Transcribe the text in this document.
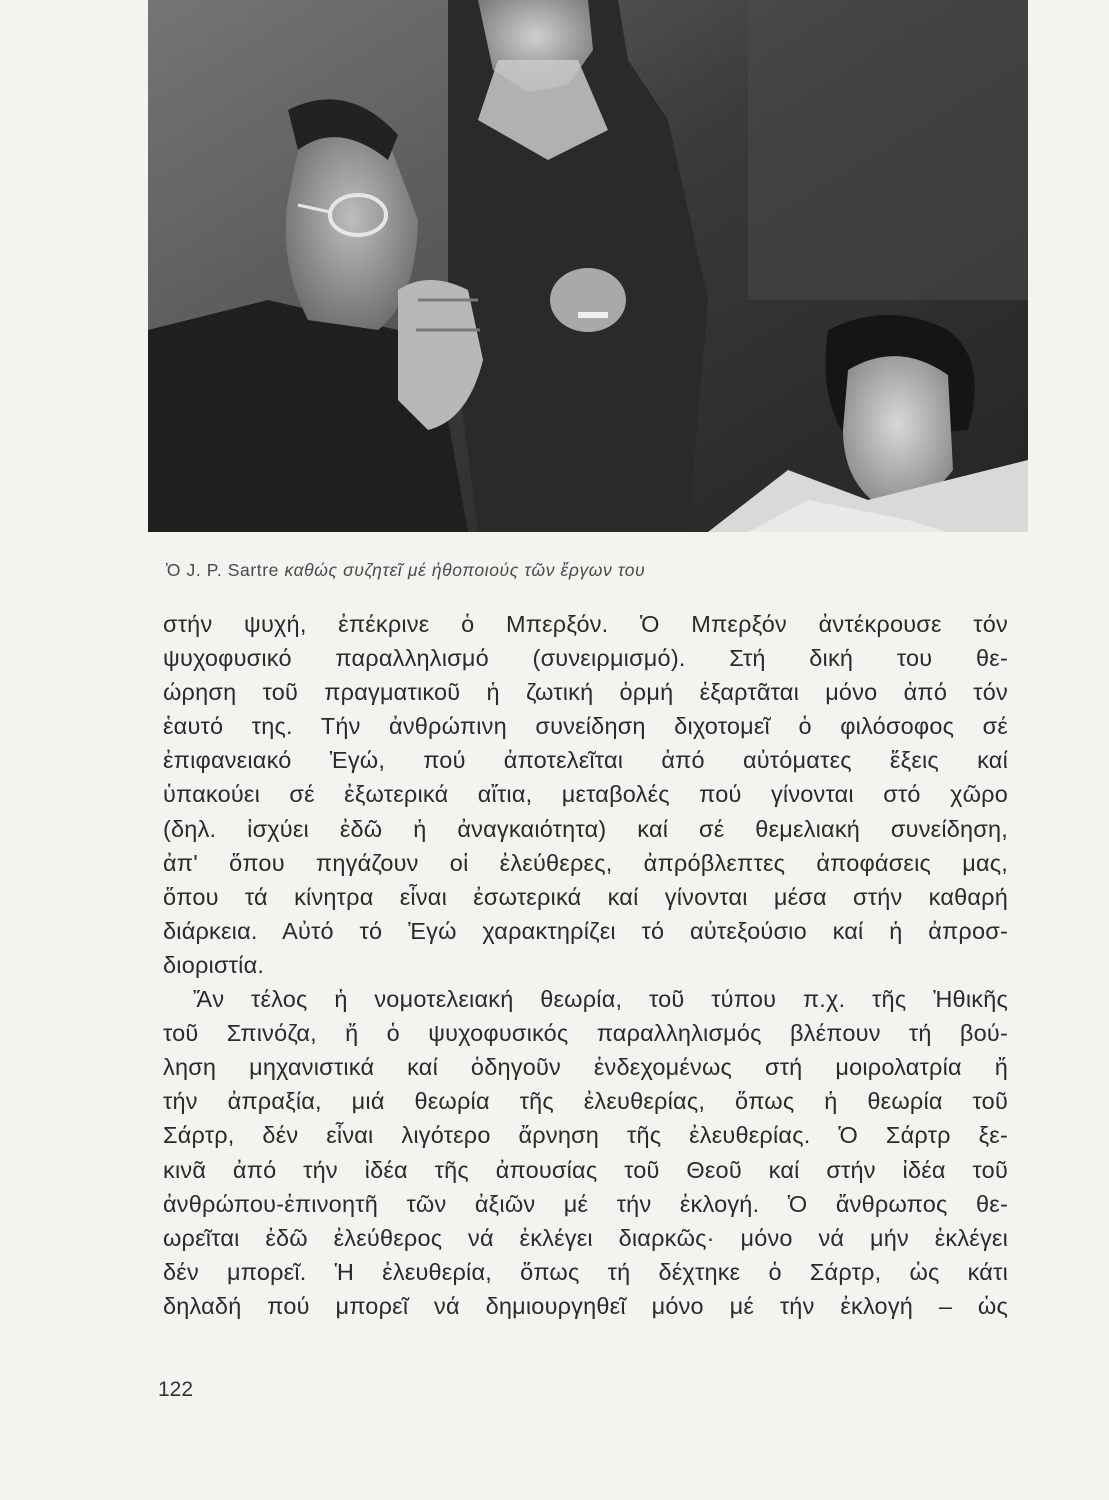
Ὁ J. P. Sartre καθώς συζητεῖ μέ ἠθοποιούς τῶν ἔργων του
στήν ψυχή, ἐπέκρινε ὁ Μπερξόν. Ὁ Μπερξόν ἀντέκρουσε τόν
ψυχοφυσικό παραλληλισμό (συνειρμισμό). Στή δική του θε-
ώρηση τοῦ πραγματικοῦ ἡ ζωτική ὁρμή ἐξαρτᾶται μόνο ἀπό τόν
ἑαυτό της. Τήν ἀνθρώπινη συνείδηση διχοτομεῖ ὁ φιλόσοφος σέ
ἐπιφανειακό Ἐγώ, πού ἀποτελεῖται ἀπό αὐτόματες ἕξεις καί
ὑπακούει σέ ἐξωτερικά αἴτια, μεταβολές πού γίνονται στό χῶρο
(δηλ. ἰσχύει ἐδῶ ἡ ἀναγκαιότητα) καί σέ θεμελιακή συνείδηση,
ἀπ' ὅπου πηγάζουν οἱ ἐλεύθερες, ἀπρόβλεπτες ἀποφάσεις μας,
ὅπου τά κίνητρα εἶναι ἐσωτερικά καί γίνονται μέσα στήν καθαρή
διάρκεια. Αὐτό τό Ἐγώ χαρακτηρίζει τό αὐτεξούσιο καί ἡ ἀπροσ-
διοριστία.
Ἄν τέλος ἡ νομοτελειακή θεωρία, τοῦ τύπου π.χ. τῆς Ἠθικῆς
τοῦ Σπινόζα, ἤ ὁ ψυχοφυσικός παραλληλισμός βλέπουν τή βού-
ληση μηχανιστικά καί ὁδηγοῦν ἐνδεχομένως στή μοιρολατρία ἤ
τήν ἀπραξία, μιά θεωρία τῆς ἐλευθερίας, ὅπως ἡ θεωρία τοῦ
Σάρτρ, δέν εἶναι λιγότερο ἄρνηση τῆς ἐλευθερίας. Ὁ Σάρτρ ξε-
κινᾶ ἀπό τήν ἰδέα τῆς ἀπουσίας τοῦ Θεοῦ καί στήν ἰδέα τοῦ
ἀνθρώπου-ἐπινοητῆ τῶν ἀξιῶν μέ τήν ἐκλογή. Ὁ ἄνθρωπος θε-
ωρεῖται ἐδῶ ἐλεύθερος νά ἐκλέγει διαρκῶς· μόνο νά μήν ἐκλέγει
δέν μπορεῖ. Ἡ ἐλευθερία, ὅπως τή δέχτηκε ὁ Σάρτρ, ὡς κάτι
δηλαδή πού μπορεῖ νά δημιουργηθεῖ μόνο μέ τήν ἐκλογή – ὡς
122
